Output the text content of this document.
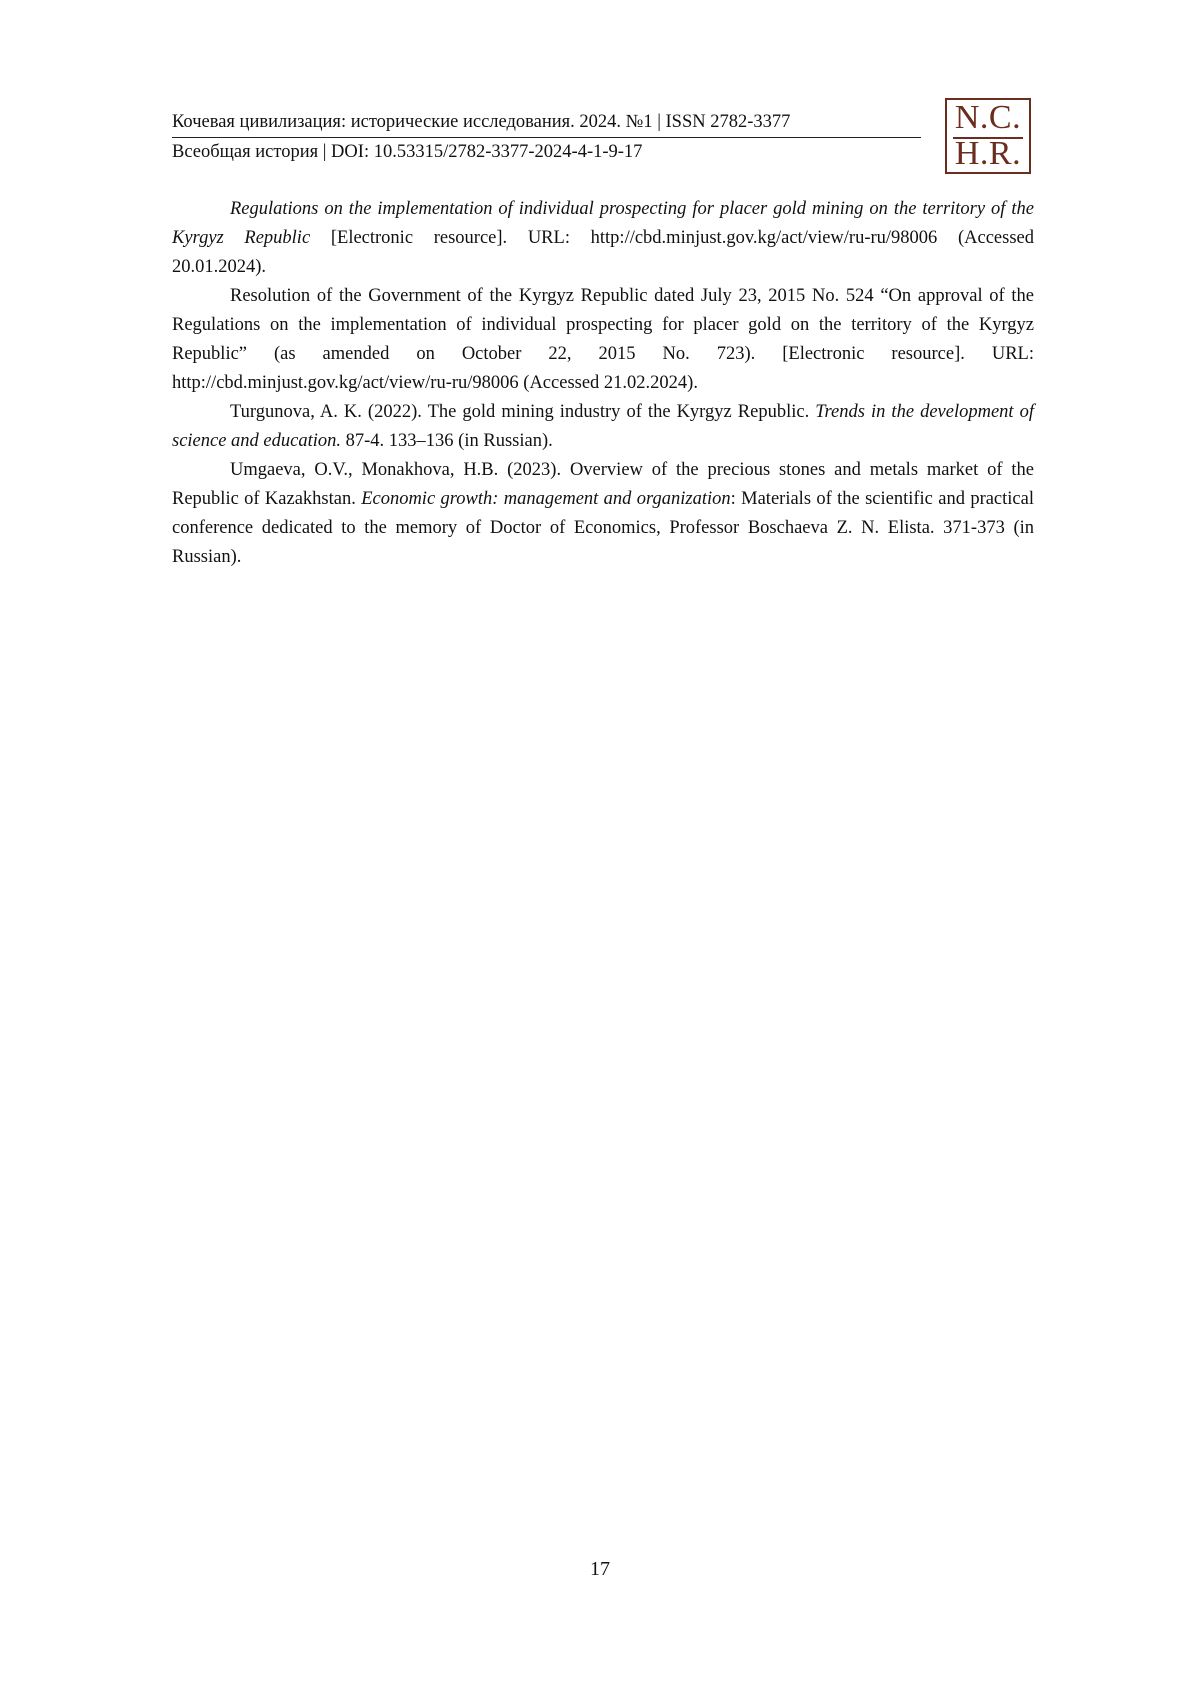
Кочевая цивилизация: исторические исследования. 2024. №1 | ISSN 2782-3377
Всеобщая история | DOI: 10.53315/2782-3377-2024-4-1-9-17
N.C.
H.R.

Regulations on the implementation of individual prospecting for placer gold mining on the territory of the Kyrgyz Republic [Electronic resource]. URL: http://cbd.minjust.gov.kg/act/view/ru-ru/98006 (Accessed 20.01.2024).

Resolution of the Government of the Kyrgyz Republic dated July 23, 2015 No. 524 “On approval of the Regulations on the implementation of individual prospecting for placer gold on the territory of the Kyrgyz Republic” (as amended on October 22, 2015 No. 723). [Electronic resource]. URL: http://cbd.minjust.gov.kg/act/view/ru-ru/98006 (Accessed 21.02.2024).

Turgunova, A. K. (2022). The gold mining industry of the Kyrgyz Republic. Trends in the development of science and education. 87-4. 133–136 (in Russian).

Umgaeva, O.V., Monakhova, H.B. (2023). Overview of the precious stones and metals market of the Republic of Kazakhstan. Economic growth: management and organization: Materials of the scientific and practical conference dedicated to the memory of Doctor of Economics, Professor Boschaeva Z. N. Elista. 371-373 (in Russian).

17
